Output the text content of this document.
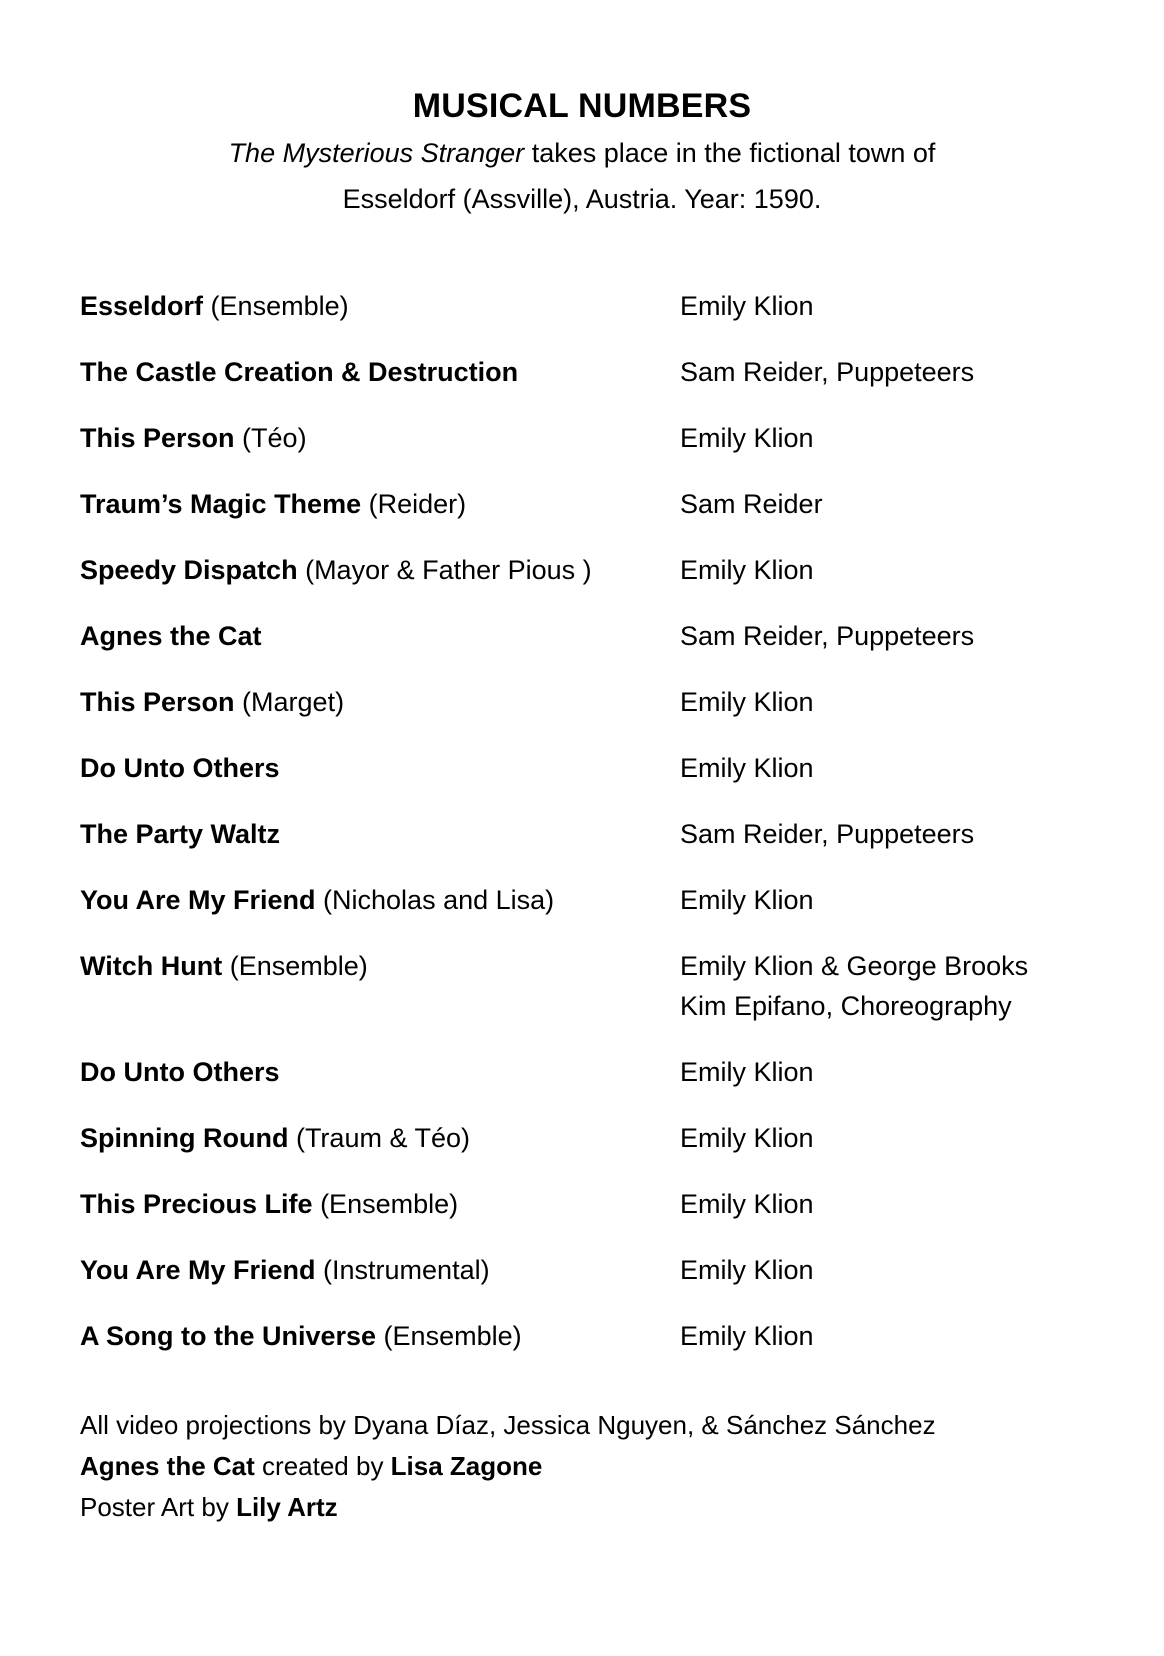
MUSICAL NUMBERS
The Mysterious Stranger takes place in the fictional town of
Esseldorf (Assville), Austria. Year: 1590.
Esseldorf (Ensemble)	Emily Klion
The Castle Creation & Destruction	Sam Reider, Puppeteers
This Person (Téo)	Emily Klion
Traum’s Magic Theme (Reider)	Sam Reider
Speedy Dispatch (Mayor & Father Pious )	Emily Klion
Agnes the Cat	Sam Reider, Puppeteers
This Person (Marget)	Emily Klion
Do Unto Others	Emily Klion
The Party Waltz	Sam Reider, Puppeteers
You Are My Friend (Nicholas and Lisa)	Emily Klion
Witch Hunt (Ensemble)	Emily Klion & George Brooks
Kim Epifano, Choreography
Do Unto Others	Emily Klion
Spinning Round (Traum & Téo)	Emily Klion
This Precious Life (Ensemble)	Emily Klion
You Are My Friend (Instrumental)	Emily Klion
A Song to the Universe (Ensemble)	Emily Klion
All video projections by Dyana Díaz, Jessica Nguyen, & Sánchez Sánchez
Agnes the Cat created by Lisa Zagone
Poster Art by Lily Artz
